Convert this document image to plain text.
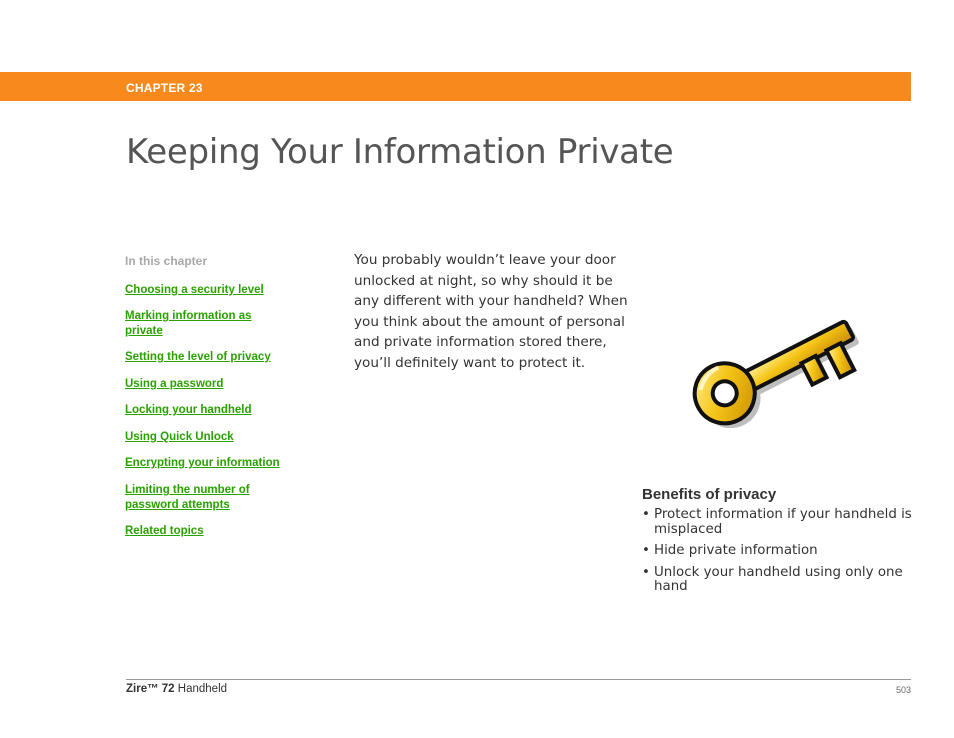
CHAPTER 23
Keeping Your Information Private
In this chapter
Choosing a security level
Marking information as private
Setting the level of privacy
Using a password
Locking your handheld
Using Quick Unlock
Encrypting your information
Limiting the number of password attempts
Related topics

You probably wouldn’t leave your door unlocked at night, so why should it be any different with your handheld? When you think about the amount of personal and private information stored there, you’ll definitely want to protect it.

Benefits of privacy
• Protect information if your handheld is misplaced
• Hide private information
• Unlock your handheld using only one hand
Zire™ 72 Handheld	503
